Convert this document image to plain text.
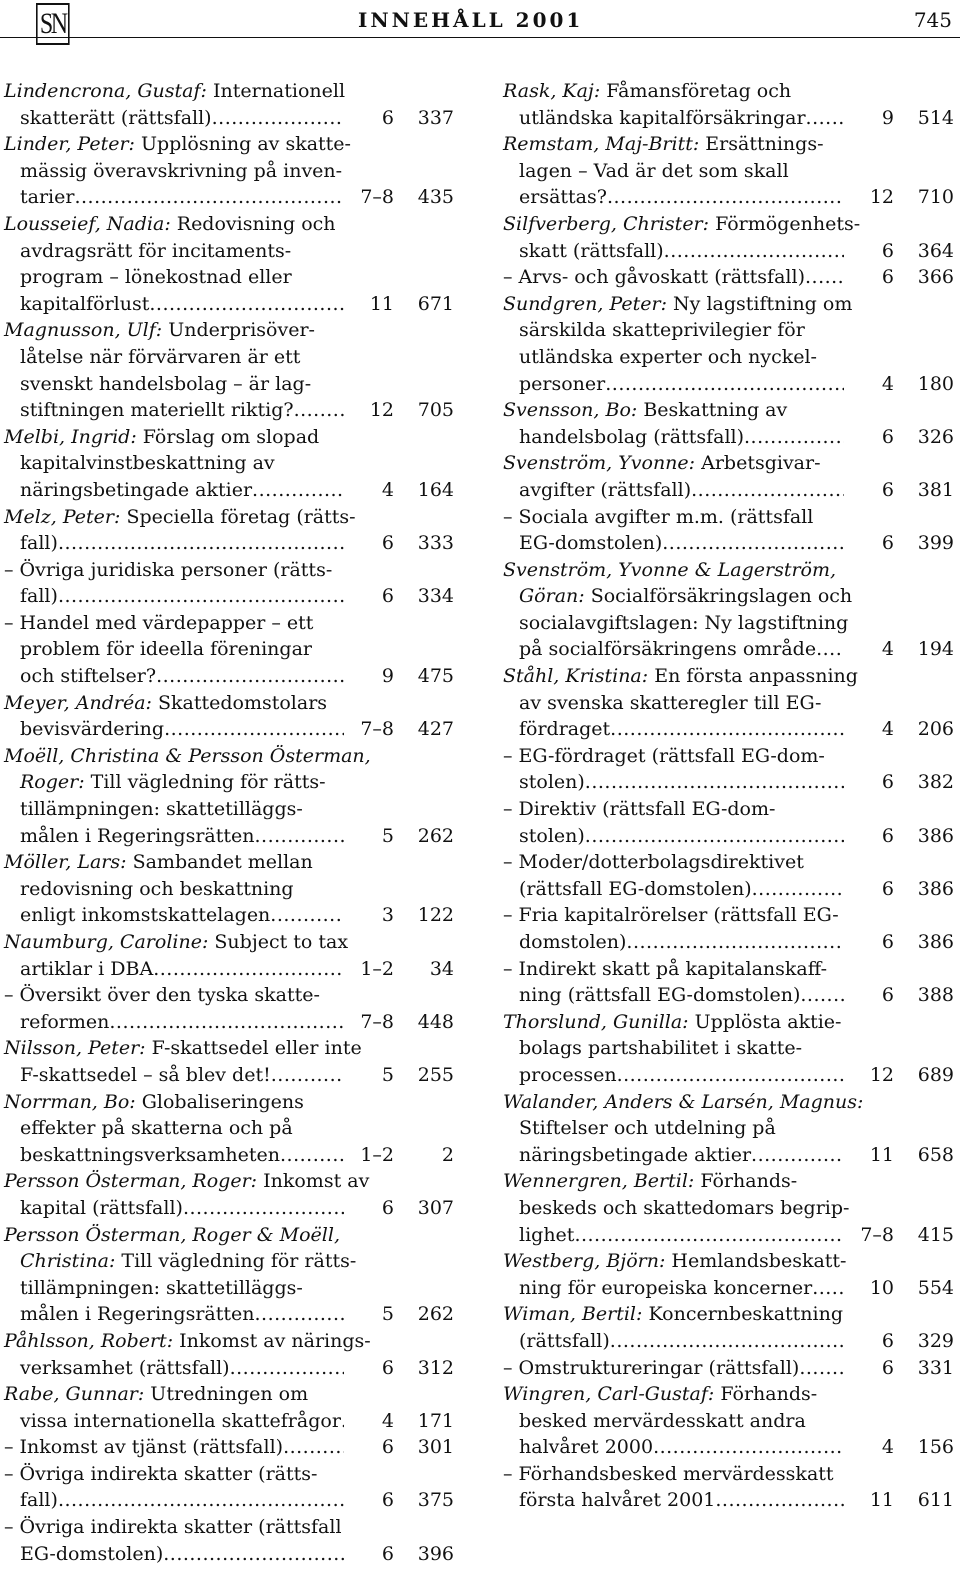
SN	INNEHÅLL 2001	745
Lindencrona, Gustaf: Internationell
skatterätt (rättsfall) .....	6	337
Linder, Peter: Upplösning av skatte-
mässig överavskrivning på inven-
tarier .....	7–8	435
Lousseief, Nadia: Redovisning och
avdragsrätt för incitaments-
program – lönekostnad eller
kapitalförlust .....	11	671
Magnusson, Ulf: Underprisöver-
låtelse när förvärvaren är ett
svenskt handelsbolag – är lag-
stiftningen materiellt riktig? .....	12	705
Melbi, Ingrid: Förslag om slopad
kapitalvinstbeskattning av
näringsbetingade aktier .....	4	164
Melz, Peter: Speciella företag (rätts-
fall) .....	6	333
– Övriga juridiska personer (rätts-
fall) .....	6	334
– Handel med värdepapper – ett
problem för ideella föreningar
och stiftelser? .....	9	475
Meyer, Andréa: Skattedomstolars
bevisvärdering .....	7–8	427
Moëll, Christina & Persson Österman,
Roger: Till vägledning för rätts-
tillämpningen: skattetilläggs-
målen i Regeringsrätten .....	5	262
Möller, Lars: Sambandet mellan
redovisning och beskattning
enligt inkomstskattelagen .....	3	122
Naumburg, Caroline: Subject to tax
artiklar i DBA .....	1–2	34
– Översikt över den tyska skatte-
reformen .....	7–8	448
Nilsson, Peter: F-skattsedel eller inte
F-skattsedel – så blev det! .....	5	255
Norrman, Bo: Globaliseringens
effekter på skatterna och på
beskattningsverksamheten .....	1–2	2
Persson Österman, Roger: Inkomst av
kapital (rättsfall) .....	6	307
Persson Österman, Roger & Moëll,
Christina: Till vägledning för rätts-
tillämpningen: skattetilläggs-
målen i Regeringsrätten .....	5	262
Påhlsson, Robert: Inkomst av närings-
verksamhet (rättsfall) .....	6	312
Rabe, Gunnar: Utredningen om
vissa internationella skattefrågor .....	4	171
– Inkomst av tjänst (rättsfall) .....	6	301
– Övriga indirekta skatter (rätts-
fall) .....	6	375
– Övriga indirekta skatter (rättsfall
EG-domstolen) .....	6	396
Rask, Kaj: Fåmansföretag och
utländska kapitalförsäkringar .....	9	514
Remstam, Maj-Britt: Ersättnings-
lagen – Vad är det som skall
ersättas? .....	12	710
Silfverberg, Christer: Förmögenhets-
skatt (rättsfall) .....	6	364
– Arvs- och gåvoskatt (rättsfall) .....	6	366
Sundgren, Peter: Ny lagstiftning om
särskilda skatteprivilegier för
utländska experter och nyckel-
personer .....	4	180
Svensson, Bo: Beskattning av
handelsbolag (rättsfall) .....	6	326
Svenström, Yvonne: Arbetsgivar-
avgifter (rättsfall) .....	6	381
– Sociala avgifter m.m. (rättsfall
EG-domstolen) .....	6	399
Svenström, Yvonne & Lagerström,
Göran: Socialförsäkringslagen och
socialavgiftslagen: Ny lagstiftning
på socialförsäkringens område .....	4	194
Ståhl, Kristina: En första anpassning
av svenska skatteregler till EG-
fördraget .....	4	206
– EG-fördraget (rättsfall EG-dom-
stolen) .....	6	382
– Direktiv (rättsfall EG-dom-
stolen) .....	6	386
– Moder/dotterbolagsdirektivet
(rättsfall EG-domstolen) .....	6	386
– Fria kapitalrörelser (rättsfall EG-
domstolen) .....	6	386
– Indirekt skatt på kapitalanskaff-
ning (rättsfall EG-domstolen) .....	6	388
Thorslund, Gunilla: Upplösta aktie-
bolags partshabilitet i skatte-
processen .....	12	689
Walander, Anders & Larsén, Magnus:
Stiftelser och utdelning på
näringsbetingade aktier .....	11	658
Wennergren, Bertil: Förhands-
beskeds och skattedomars begrip-
lighet .....	7–8	415
Westberg, Björn: Hemlandsbeskatt-
ning för europeiska koncerner .....	10	554
Wiman, Bertil: Koncernbeskattning
(rättsfall) .....	6	329
– Omstruktureringar (rättsfall) .....	6	331
Wingren, Carl-Gustaf: Förhands-
besked mervärdesskatt andra
halvåret 2000 .....	4	156
– Förhandsbesked mervärdesskatt
första halvåret 2001 .....	11	611
